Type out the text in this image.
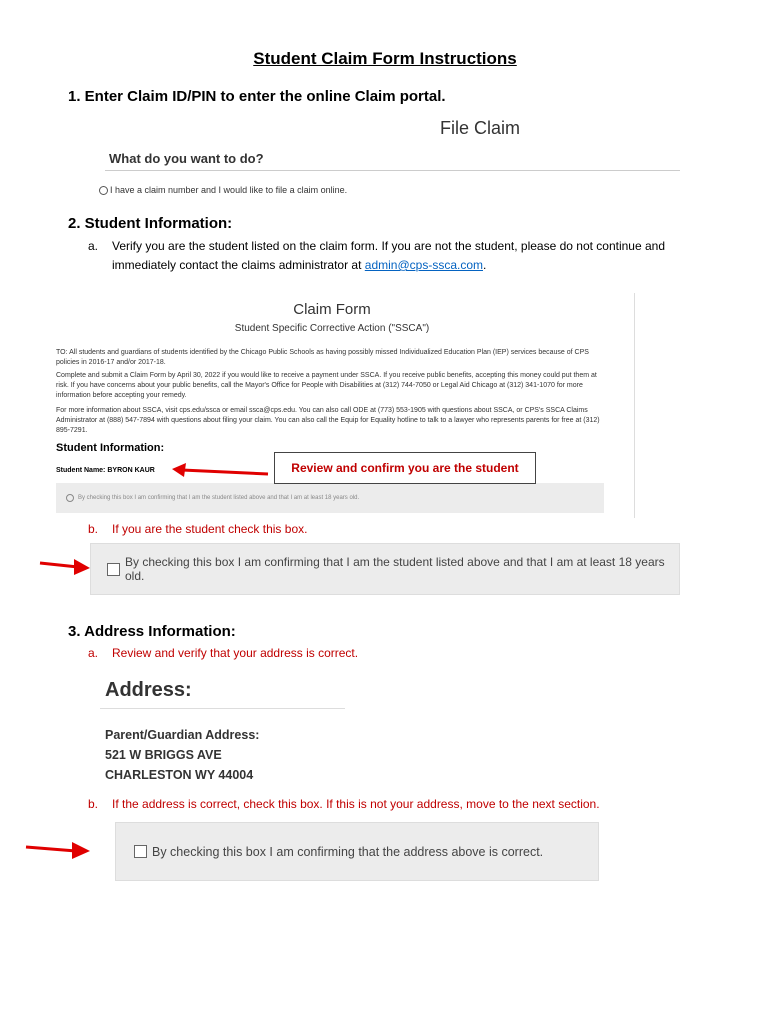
Student Claim Form Instructions
1. Enter Claim ID/PIN to enter the online Claim portal.
File Claim
What do you want to do?
I have a claim number and I would like to file a claim online.
2. Student Information:
a. Verify you are the student listed on the claim form. If you are not the student, please do not continue and immediately contact the claims administrator at admin@cps-ssca.com.
Claim Form
Student Specific Corrective Action ("SSCA")
TO: All students and guardians of students identified by the Chicago Public Schools as having possibly missed Individualized Education Plan (IEP) services because of CPS policies in 2016-17 and/or 2017-18.
Complete and submit a Claim Form by April 30, 2022 if you would like to receive a payment under SSCA. If you receive public benefits, accepting this money could put them at risk. If you have concerns about your public benefits, call the Mayor's Office for People with Disabilities at (312) 744-7050 or Legal Aid Chicago at (312) 341-1070 for more information before accepting your remedy.
For more information about SSCA, visit cps.edu/ssca or email ssca@cps.edu. You can also call ODE at (773) 553-1905 with questions about SSCA, or CPS's SSCA Claims Administrator at (888) 547-7894 with questions about filing your claim. You can also call the Equip for Equality hotline to talk to a lawyer who represents parents for free at (312) 895-7291.
Student Information:
Student Name: BYRON KAUR
By checking this box I am confirming that I am the student listed above and that I am at least 18 years old.
Review and confirm you are the student
b. If you are the student check this box.
By checking this box I am confirming that I am the student listed above and that I am at least 18 years old.
3. Address Information:
a. Review and verify that your address is correct.
Address:
Parent/Guardian Address:
521 W BRIGGS AVE
CHARLESTON WY 44004
b. If the address is correct, check this box. If this is not your address, move to the next section.
By checking this box I am confirming that the address above is correct.
